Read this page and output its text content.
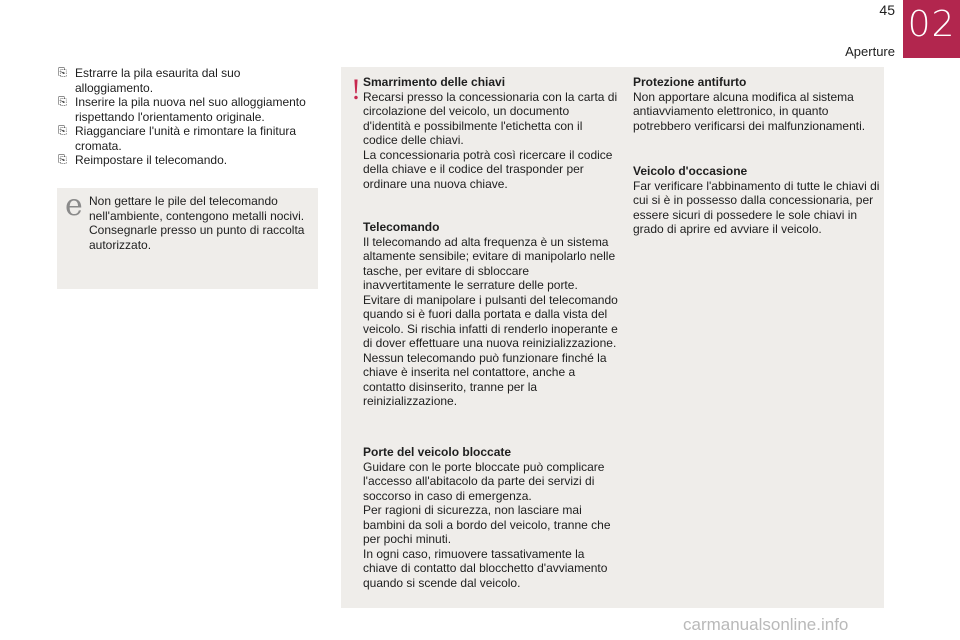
45
Aperture
02
⎘ Estrarre la pila esaurita dal suo alloggiamento.
⎘ Inserire la pila nuova nel suo alloggiamento rispettando l'orientamento originale.
⎘ Riagganciare l'unità e rimontare la finitura cromata.
⎘ Reimpostare il telecomando.
e Non gettare le pile del telecomando nell'ambiente, contengono metalli nocivi. Consegnarle presso un punto di raccolta autorizzato.
! Smarrimento delle chiavi
Recarsi presso la concessionaria con la carta di circolazione del veicolo, un documento d'identità e possibilmente l'etichetta con il codice delle chiavi.
La concessionaria potrà così ricercare il codice della chiave e il codice del trasponder per ordinare una nuova chiave.
Telecomando
Il telecomando ad alta frequenza è un sistema altamente sensibile; evitare di manipolarlo nelle tasche, per evitare di sbloccare inavvertitamente le serrature delle porte.
Evitare di manipolare i pulsanti del telecomando quando si è fuori dalla portata e dalla vista del veicolo. Si rischia infatti di renderlo inoperante e di dover effettuare una nuova reinizializzazione.
Nessun telecomando può funzionare finché la chiave è inserita nel contattore, anche a contatto disinserito, tranne per la reinizializzazione.
Porte del veicolo bloccate
Guidare con le porte bloccate può complicare l'accesso all'abitacolo da parte dei servizi di soccorso in caso di emergenza.
Per ragioni di sicurezza, non lasciare mai bambini da soli a bordo del veicolo, tranne che per pochi minuti.
In ogni caso, rimuovere tassativamente la chiave di contatto dal blocchetto d'avviamento quando si scende dal veicolo.
Protezione antifurto
Non apportare alcuna modifica al sistema antiavviamento elettronico, in quanto potrebbero verificarsi dei malfunzionamenti.
Veicolo d'occasione
Far verificare l'abbinamento di tutte le chiavi di cui si è in possesso dalla concessionaria, per essere sicuri di possedere le sole chiavi in grado di aprire ed avviare il veicolo.
carmanualsonline.info
